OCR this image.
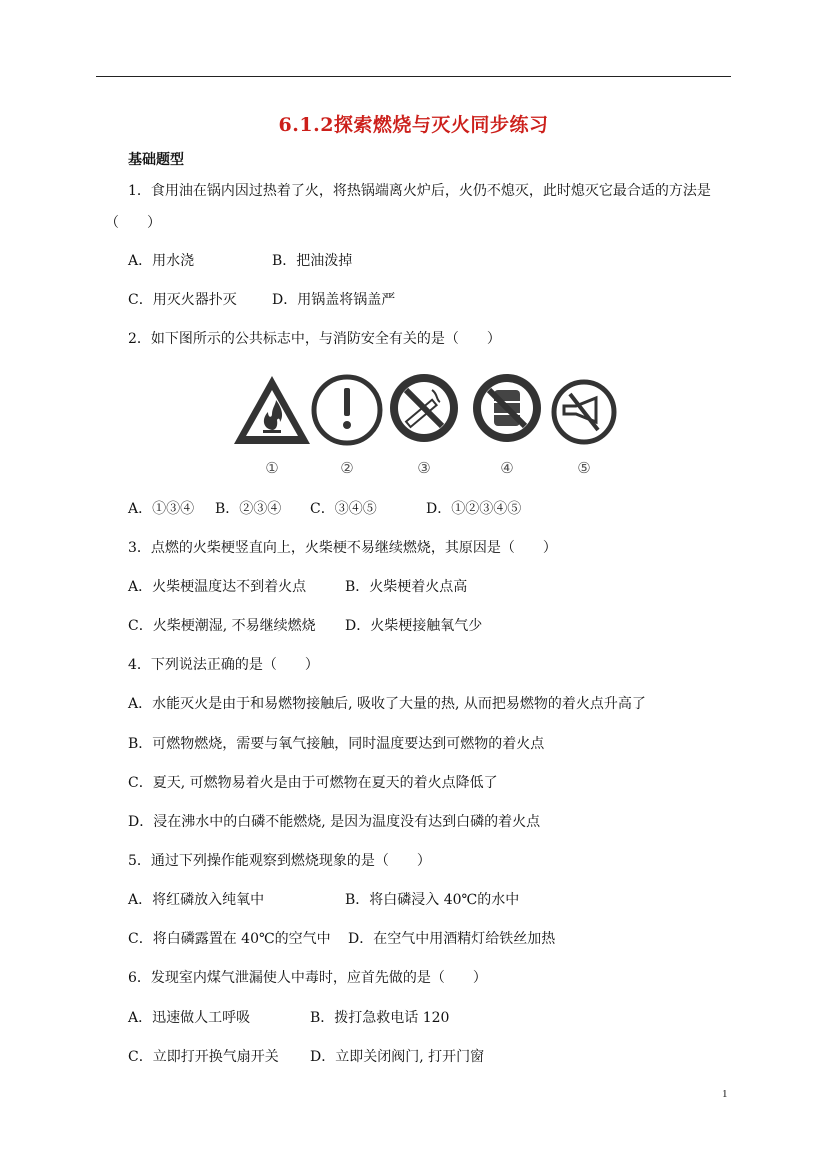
6.1.2探索燃烧与灭火同步练习
基础题型
1．食用油在锅内因过热着了火，将热锅端离火炉后，火仍不熄灭，此时熄灭它最合适的方法是
（　　）
A．用水浇	B．把油泼掉
C．用灭火器扑灭	D．用锅盖将锅盖严
2．如下图所示的公共标志中，与消防安全有关的是（　　）
①	②	③	④	⑤
A．①③④ B．②③④ C．③④⑤	D．①②③④⑤
3．点燃的火柴梗竖直向上，火柴梗不易继续燃烧，其原因是（　　）
A．火柴梗温度达不到着火点	B．火柴梗着火点高
C．火柴梗潮湿, 不易继续燃烧 D．火柴梗接触氧气少
4．下列说法正确的是（　　）
A．水能灭火是由于和易燃物接触后, 吸收了大量的热, 从而把易燃物的着火点升高了
B．可燃物燃烧，需要与氧气接触，同时温度要达到可燃物的着火点
C．夏天, 可燃物易着火是由于可燃物在夏天的着火点降低了
D．浸在沸水中的白磷不能燃烧, 是因为温度没有达到白磷的着火点
5．通过下列操作能观察到燃烧现象的是（　　）
A．将红磷放入纯氧中	B．将白磷浸入 40℃的水中
C．将白磷露置在 40℃的空气中 D．在空气中用酒精灯给铁丝加热
6．发现室内煤气泄漏使人中毒时，应首先做的是（　　）
A．迅速做人工呼吸	B．拨打急救电话 120
C．立即打开换气扇开关 D．立即关闭阀门, 打开门窗
1
